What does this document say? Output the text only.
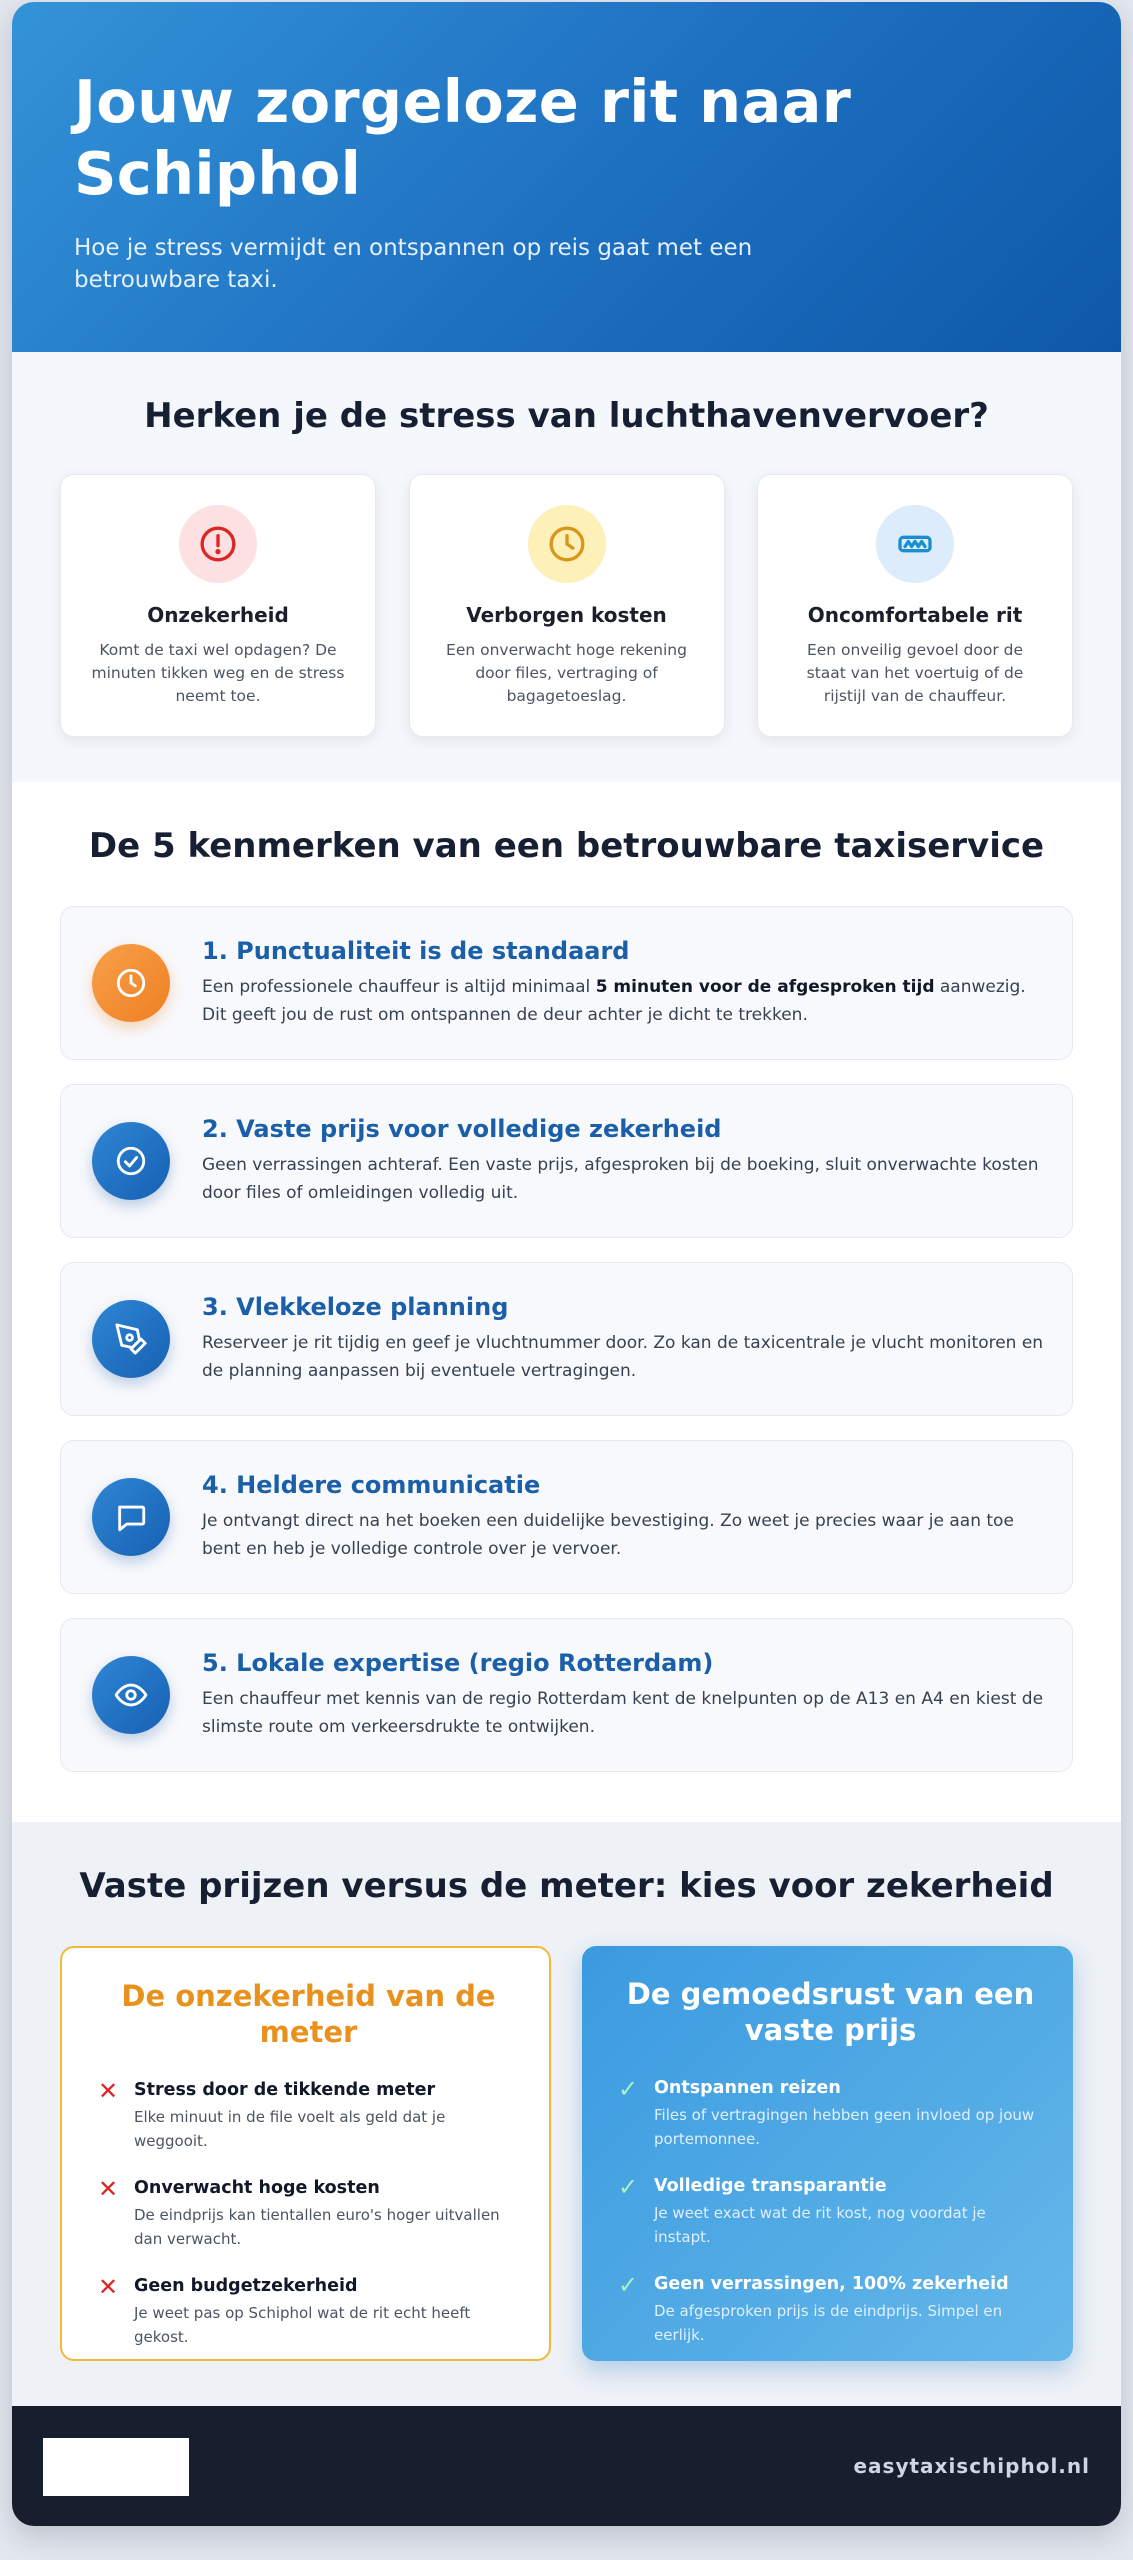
Jouw zorgeloze rit naar Schiphol

Hoe je stress vermijdt en ontspannen op reis gaat met een betrouwbare taxi.

Herken je de stress van luchthavenvervoer?
Onzekerheid

Komt de taxi wel opdagen? De minuten tikken weg en de stress neemt toe.

Verborgen kosten

Een onverwacht hoge rekening door files, vertraging of bagagetoeslag.

Oncomfortabele rit

Een onveilig gevoel door de staat van het voertuig of de rijstijl van de chauffeur.

De 5 kenmerken van een betrouwbare taxiservice
1. Punctualiteit is de standaard

Een professionele chauffeur is altijd minimaal 5 minuten voor de afgesproken tijd aanwezig. Dit geeft jou de rust om ontspannen de deur achter je dicht te trekken.

2. Vaste prijs voor volledige zekerheid

Geen verrassingen achteraf. Een vaste prijs, afgesproken bij de boeking, sluit onverwachte kosten door files of omleidingen volledig uit.

3. Vlekkeloze planning

Reserveer je rit tijdig en geef je vluchtnummer door. Zo kan de taxicentrale je vlucht monitoren en de planning aanpassen bij eventuele vertragingen.

4. Heldere communicatie

Je ontvangt direct na het boeken een duidelijke bevestiging. Zo weet je precies waar je aan toe bent en heb je volledige controle over je vervoer.

5. Lokale expertise (regio Rotterdam)

Een chauffeur met kennis van de regio Rotterdam kent de knelpunten op de A13 en A4 en kiest de slimste route om verkeersdrukte te ontwijken.

Vaste prijzen versus de meter: kies voor zekerheid
De onzekerheid van de meter
✕ Stress door de tikkende meter

Elke minuut in de file voelt als geld dat je weggooit.

✕ Onverwacht hoge kosten

De eindprijs kan tientallen euro's hoger uitvallen dan verwacht.

✕ Geen budgetzekerheid

Je weet pas op Schiphol wat de rit echt heeft gekost.

De gemoedsrust van een vaste prijs
✓ Ontspannen reizen

Files of vertragingen hebben geen invloed op jouw portemonnee.

✓ Volledige transparantie

Je weet exact wat de rit kost, nog voordat je instapt.

✓ Geen verrassingen, 100% zekerheid

De afgesproken prijs is de eindprijs. Simpel en eerlijk.

easytaxischiphol.nl
